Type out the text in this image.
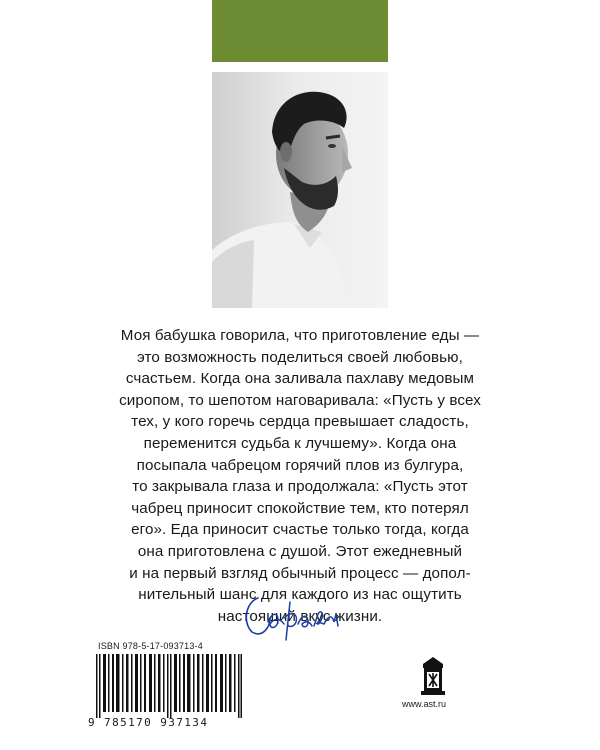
Моя бабушка говорила, что приготовление еды —
это возможность поделиться своей любовью,
счастьем. Когда она заливала пахлаву медовым
сиропом, то шепотом наговаривала: «Пусть у всех
тех, у кого горечь сердца превышает сладость,
переменится судьба к лучшему». Когда она
посыпала чабрецом горячий плов из булгура,
то закрывала глаза и продолжала: «Пусть этот
чабрец приносит спокойствие тем, кто потерял
его». Еда приносит счастье только тогда, когда
она приготовлена с душой. Этот ежедневный
и на первый взгляд обычный процесс — допол-
нительный шанс для каждого из нас ощутить
настоящий вкус жизни.

ISBN 978-5-17-093713-4
9 785170 937134
www.ast.ru
